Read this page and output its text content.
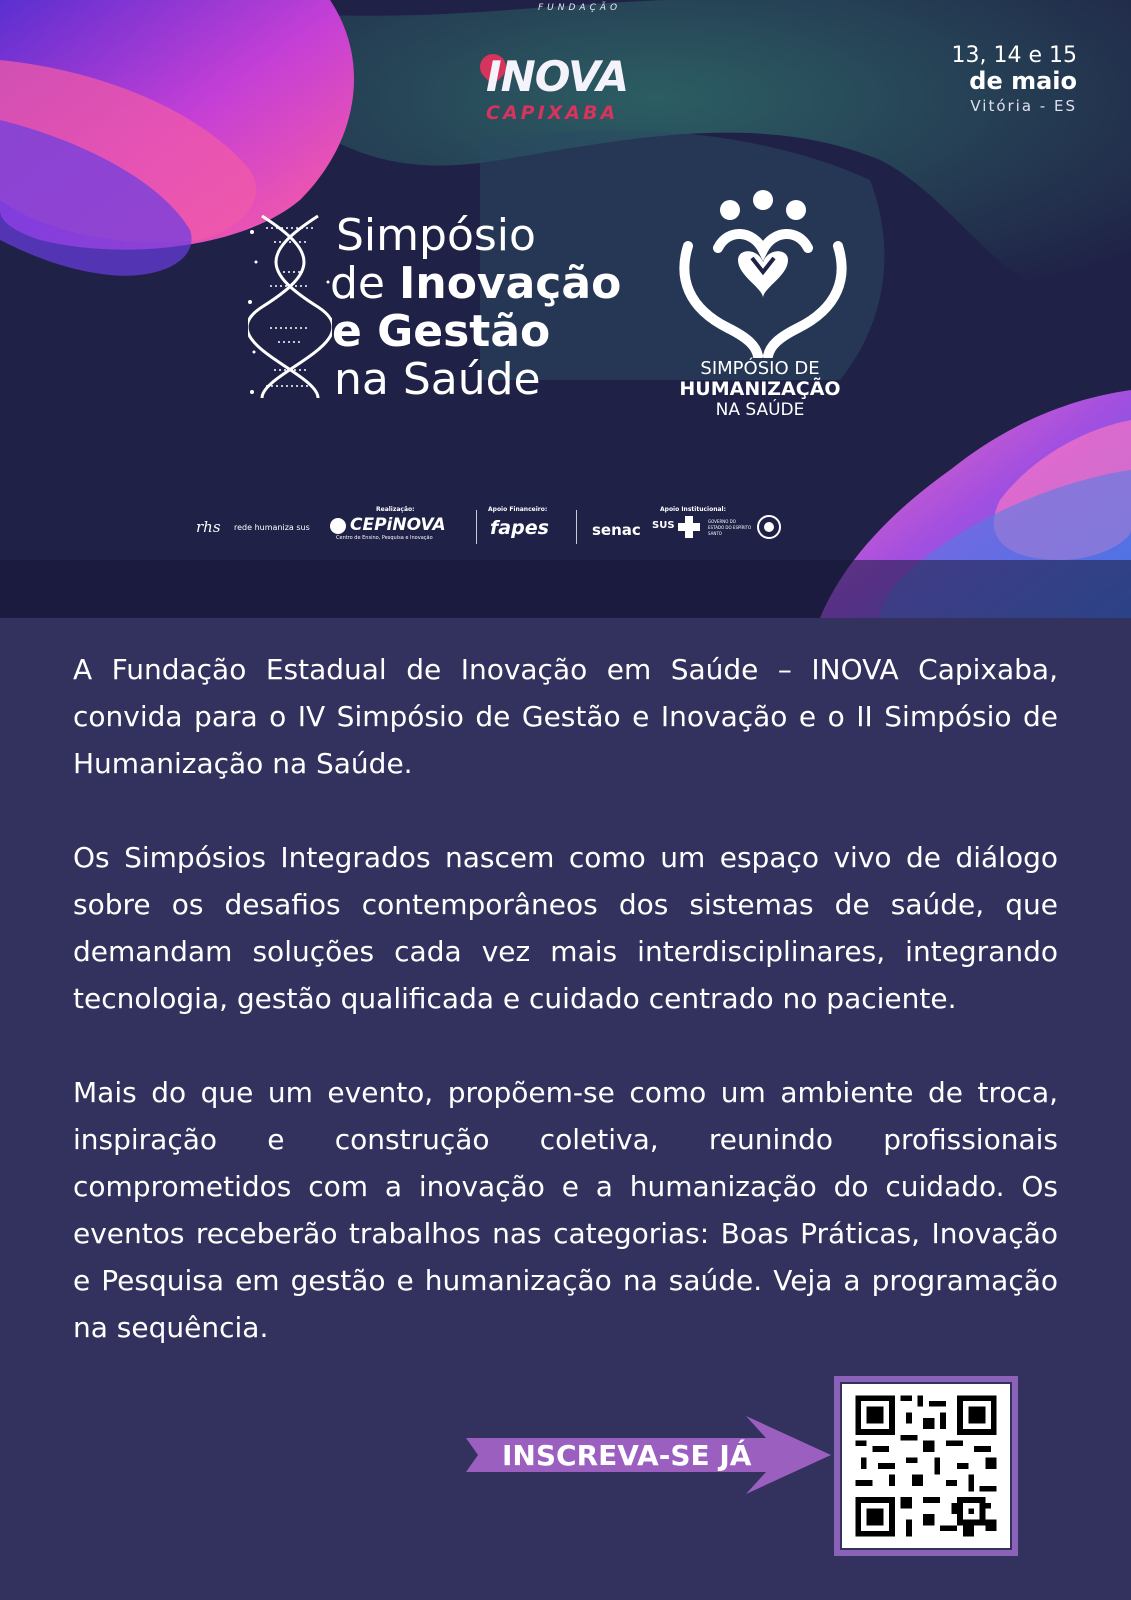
INOVA
CAPIXABA
FUNDAÇÃO
13, 14 e 15
de maio
Vitória - ES
Simpósio
de Inovação
e Gestão
na Saúde	SIMPÓSIO DE
HUMANIZAÇÃO
NA SAÚDE
Realização:	Apoio Financeiro:	Apoio Institucional:
rhs rede humaniza sus CEPiNOVA
Centro de Ensino, Pesquisa e Inovação	fapes	senac SUS	GOVERNO DO ESTADO DO ESPÍRITO SANTO

A Fundação Estadual de Inovação em Saúde – INOVA Capixaba, convida para o IV Simpósio de Gestão e Inovação e o II Simpósio de Humanização na Saúde.

Os Simpósios Integrados nascem como um espaço vivo de diálogo sobre os desafios contemporâneos dos sistemas de saúde, que demandam soluções cada vez mais interdisciplinares, integrando tecnologia, gestão qualificada e cuidado centrado no paciente.

Mais do que um evento, propõem-se como um ambiente de troca, inspiração e construção coletiva, reunindo profissionais comprometidos com a inovação e a humanização do cuidado. Os eventos receberão trabalhos nas categorias: Boas Práticas, Inovação e Pesquisa em gestão e humanização na saúde. Veja a programação na sequência.

INSCREVA-SE JÁ
